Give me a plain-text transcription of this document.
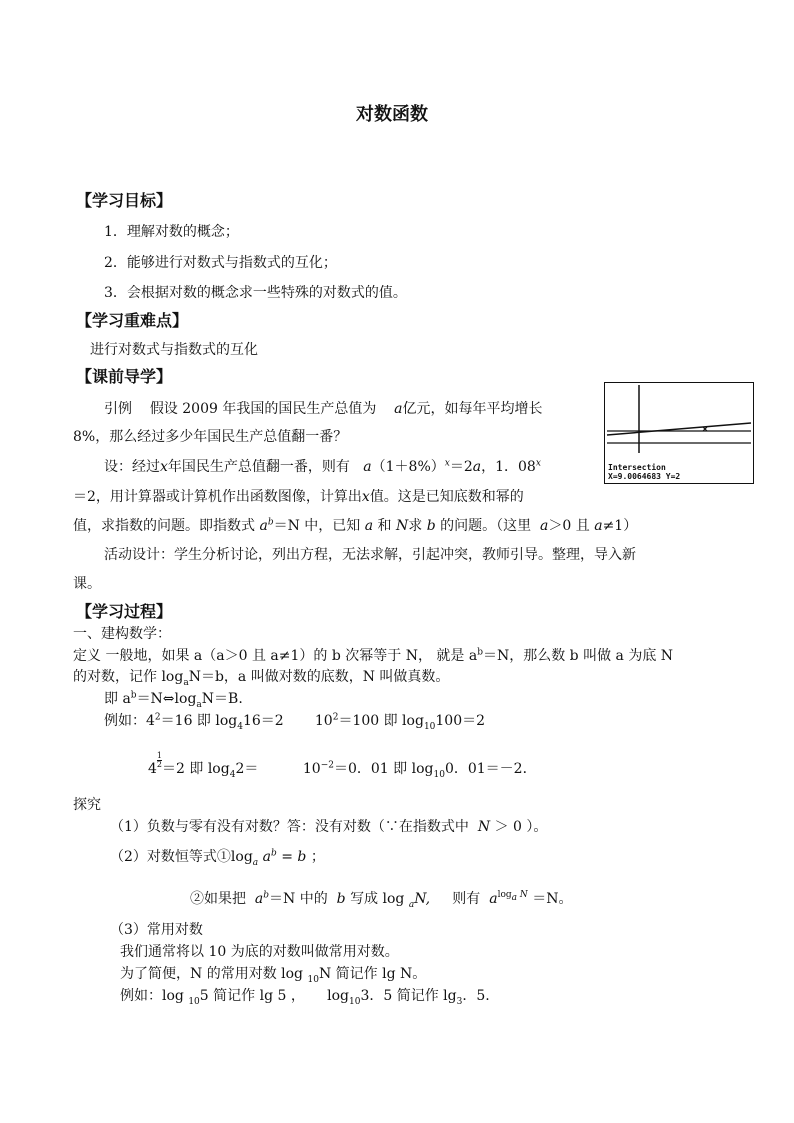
对数函数
【学习目标】
1．理解对数的概念；
2．能够进行对数式与指数式的互化；
3．会根据对数的概念求一些特殊的对数式的值。
【学习重难点】
进行对数式与指数式的互化
【课前导学】
引例 假设 2009 年我国的国民生产总值为 a亿元，如每年平均增长
8%，那么经过多少年国民生产总值翻一番？
设：经过x年国民生产总值翻一番，则有 $a(1+8\%)^x=2a$，1．$08^x$
＝2，用计算器或计算机作出函数图像，计算出x值。这是已知底数和幂的
值，求指数的问题。即指数式 $a^b=N$ 中，已知 a 和 N求 b 的问题。（这里 a＞0 且 a≠1）
活动设计：学生分析讨论，列出方程，无法求解，引起冲突，教师引导。整理，导入新
课。
Intersection
X=9.0064683 Y=2
【学习过程】
一、建构数学：
定义 一般地，如果 a（a＞0 且 a≠1）的 b 次幂等于 N， 就是 $a^b=N$，那么数 b 叫做 a 为底 N
的对数，记作 $\log_aN=b$，a 叫做对数的底数，N 叫做真数。
即 $a^b=N\Leftrightarrow\log_aN=B$.
例如：$4^2=16$ 即 $\log_416=2$ $10^2=100$ 即 $\log_{10}100=2$
$4 \frac{1}{2} =2$ 即 $\log_42=$	$10^{-2}=0$．01 即 $\log_{10}0$．01＝－2．
探究
（1）负数与零有没有对数？答：没有对数（∵在指数式中 N ＞ 0 ）。
（2）对数恒等式$①\log_a$ $a^b = b$ ；
②如果把 $a^b=N$ 中的 b 写成 log $_a$N, 则有 $a^{log_a N} =N$。
（3）常用对数
我们通常将以 10 为底的对数叫做常用对数。
为了简便，N 的常用对数 log $_{10}$N 简记作 lg N。
例如：log $_{10}$5 简记作 lg 5 ， $\log_{10}3$．5 简记作 $\lg_3$．5.
